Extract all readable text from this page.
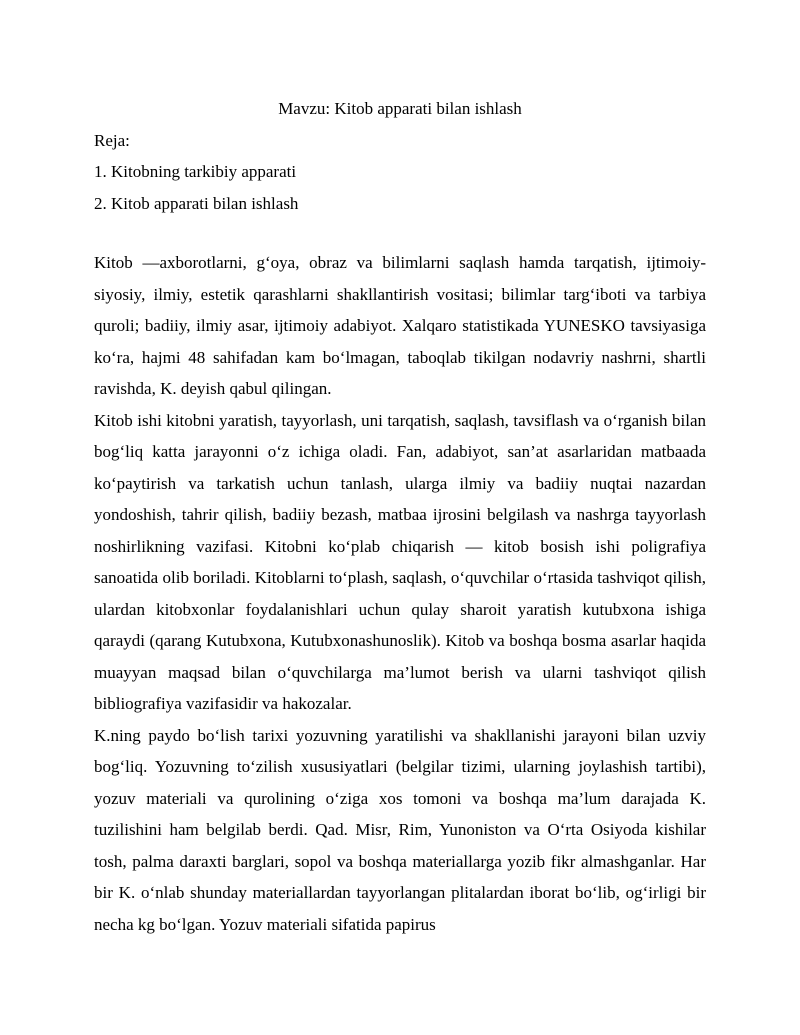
Mavzu: Kitob apparati bilan ishlash

Reja:

1. Kitobning tarkibiy apparati

2. Kitob apparati bilan ishlash

Kitob —axborotlarni, g‘oya, obraz va bilimlarni saqlash hamda tarqatish, ijtimoiy-siyosiy, ilmiy, estetik qarashlarni shakllantirish vositasi; bilimlar targ‘iboti va tarbiya quroli; badiiy, ilmiy asar, ijtimoiy adabiyot. Xalqaro statistikada YUNESKO tavsiyasiga ko‘ra, hajmi 48 sahifadan kam bo‘lmagan, taboqlab tikilgan nodavriy nashrni, shartli ravishda, K. deyish qabul qilingan.

Kitob ishi kitobni yaratish, tayyorlash, uni tarqatish, saqlash, tavsiflash va o‘rganish bilan bog‘liq katta jarayonni o‘z ichiga oladi. Fan, adabiyot, san’at asarlaridan matbaada ko‘paytirish va tarkatish uchun tanlash, ularga ilmiy va badiiy nuqtai nazardan yondoshish, tahrir qilish, badiiy bezash, matbaa ijrosini belgilash va nashrga tayyorlash noshirlikning vazifasi. Kitobni ko‘plab chiqarish — kitob bosish ishi poligrafiya sanoatida olib boriladi. Kitoblarni to‘plash, saqlash, o‘quvchilar o‘rtasida tashviqot qilish, ulardan kitobxonlar foydalanishlari uchun qulay sharoit yaratish kutubxona ishiga qaraydi (qarang Kutubxona, Kutubxonashunoslik). Kitob va boshqa bosma asarlar haqida muayyan maqsad bilan o‘quvchilarga ma’lumot berish va ularni tashviqot qilish bibliografiya vazifasidir va hakozalar.

K.ning paydo bo‘lish tarixi yozuvning yaratilishi va shakllanishi jarayoni bilan uzviy bog‘liq. Yozuvning to‘zilish xususiyatlari (belgilar tizimi, ularning joylashish tartibi), yozuv materiali va qurolining o‘ziga xos tomoni va boshqa ma’lum darajada K. tuzilishini ham belgilab berdi. Qad. Misr, Rim, Yunoniston va O‘rta Osiyoda kishilar tosh, palma daraxti barglari, sopol va boshqa materiallarga yozib fikr almashganlar. Har bir K. o‘nlab shunday materiallardan tayyorlangan plitalardan iborat bo‘lib, og‘irligi bir necha kg bo‘lgan. Yozuv materiali sifatida papirus
